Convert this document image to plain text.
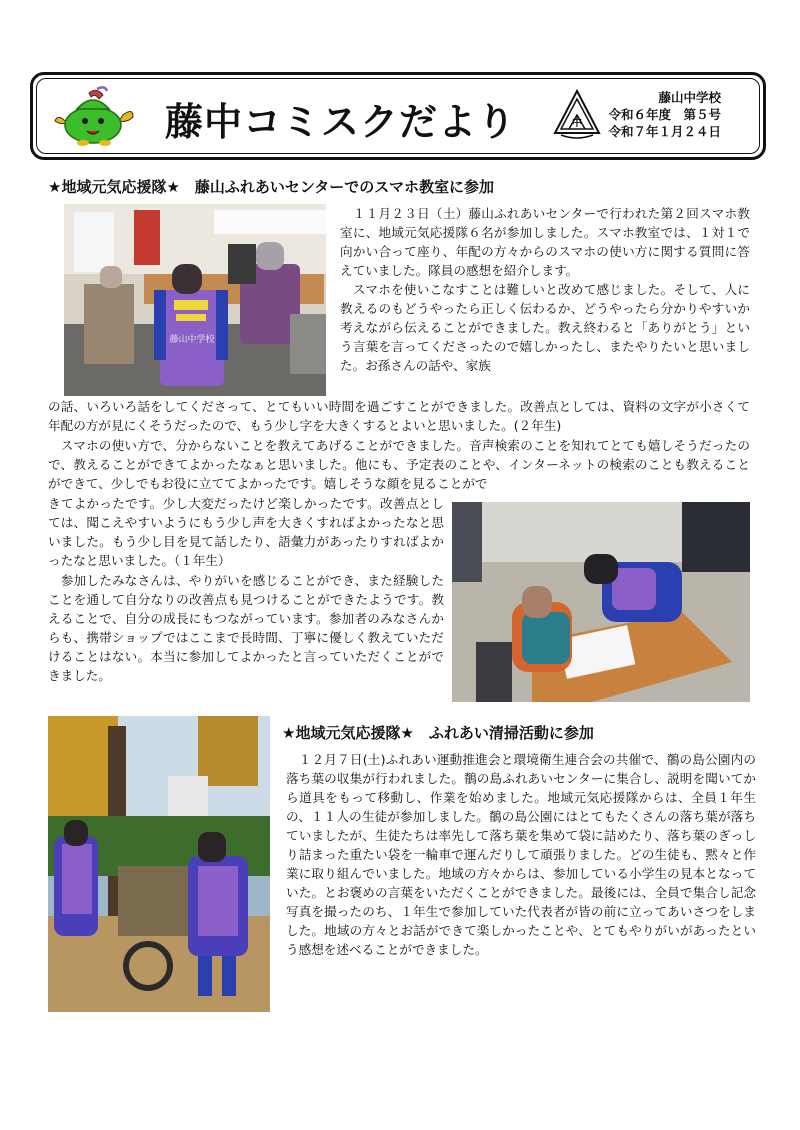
藤中コミスクだより	中
藤山中学校
令和６年度　第５号
令和７年１月２４日
★地域元気応援隊★　藤山ふれあいセンターでのスマホ教室に参加
藤山中学校

　１１月２３日（土）藤山ふれあいセンターで行われた第２回スマホ教室に、地域元気応援隊６名が参加しました。スマホ教室では、１対１で向かい合って座り、年配の方々からのスマホの使い方に関する質問に答えていました。隊員の感想を紹介します。

　スマホを使いこなすことは難しいと改めて感じました。そして、人に教えるのもどうやったら正しく伝わるか、どうやったら分かりやすいか考えながら伝えることができました。教え終わると「ありがとう」という言葉を言ってくださったので嬉しかったし、またやりたいと思いました。お孫さんの話や、家族

の話、いろいろ話をしてくださって、とてもいい時間を過ごすことができました。改善点としては、資料の文字が小さくて年配の方が見にくそうだったので、もう少し字を大きくするとよいと思いました。(２年生)

　スマホの使い方で、分からないことを教えてあげることができました。音声検索のことを知れてとても嬉しそうだったので、教えることができてよかったなぁと思いました。他にも、予定表のことや、インターネットの検索のことも教えることができて、少しでもお役に立ててよかったです。嬉しそうな顔を見ることがで

きてよかったです。少し大変だったけど楽しかったです。改善点としては、聞こえやすいようにもう少し声を大きくすればよかったなと思いました。もう少し目を見て話したり、語彙力があったりすればよかったなと思いました。（１年生）

　参加したみなさんは、やりがいを感じることができ、また経験したことを通して自分なりの改善点も見つけることができたようです。教えることで、自分の成長にもつながっています。参加者のみなさんからも、携帯ショップではここまで長時間、丁寧に優しく教えていただけることはない。本当に参加してよかったと言っていただくことができました。

★地域元気応援隊★　ふれあい清掃活動に参加

　１２月７日(土)ふれあい運動推進会と環境衛生連合会の共催で、鶺の島公園内の落ち葉の収集が行われました。鶺の島ふれあいセンターに集合し、説明を聞いてから道具をもって移動し、作業を始めました。地域元気応援隊からは、全員１年生の、１１人の生徒が参加しました。鶺の島公園にはとてもたくさんの落ち葉が落ちていましたが、生徒たちは率先して落ち葉を集めて袋に詰めたり、落ち葉のぎっしり詰まった重たい袋を一輪車で運んだりして頑張りました。どの生徒も、黙々と作業に取り組んでいました。地域の方々からは、参加している小学生の見本となっていた。とお褒めの言葉をいただくことができました。最後には、全員で集合し記念写真を撮ったのち、１年生で参加していた代表者が皆の前に立ってあいさつをしました。地域の方々とお話ができて楽しかったことや、とてもやりがいがあったという感想を述べることができました。
